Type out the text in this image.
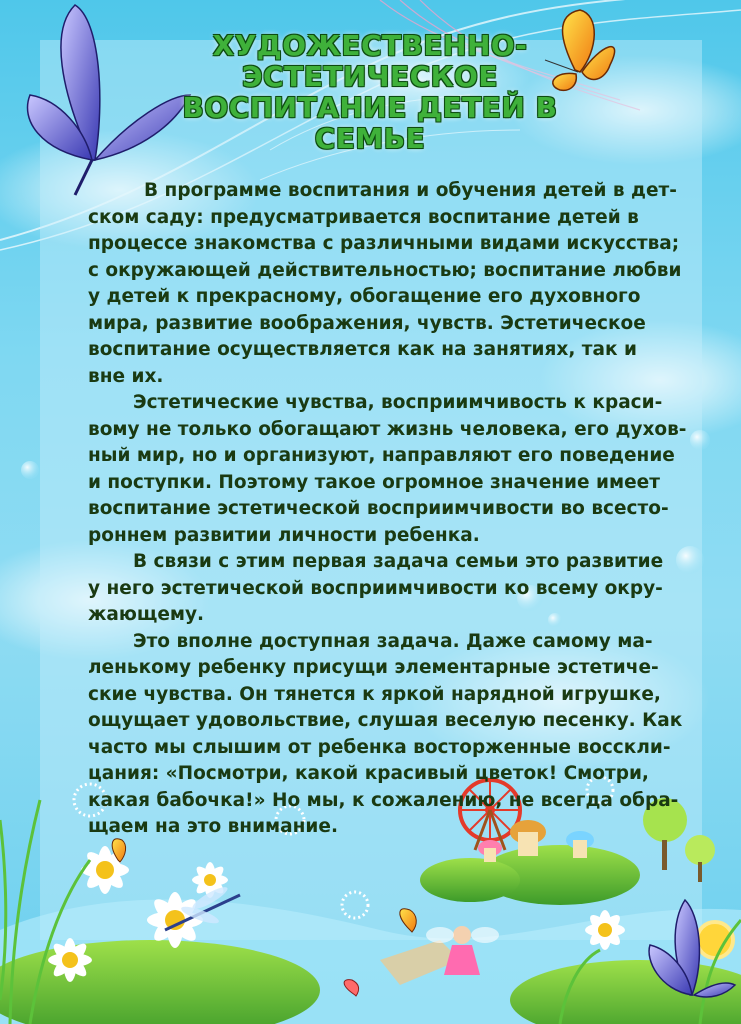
ХУДОЖЕСТВЕННО-
ЭСТЕТИЧЕСКОЕ
ВОСПИТАНИЕ ДЕТЕЙ В
СЕМЬЕ
В программе воспитания и обучения детей в дет-
ском саду: предусматривается воспитание детей в
процессе знакомства с различными видами искусства;
с окружающей действительностью; воспитание любви
у детей к прекрасному, обогащение его духовного
мира, развитие воображения, чувств. Эстетическое
воспитание осуществляется как на занятиях, так и
вне их.
Эстетические чувства, восприимчивость к краси-
вому не только обогащают жизнь человека, его духов-
ный мир, но и организуют, направляют его поведение
и поступки. Поэтому такое огромное значение имеет
воспитание эстетической восприимчивости во всесто-
роннем развитии личности ребенка.
В связи с этим первая задача семьи это развитие
у него эстетической восприимчивости ко всему окру-
жающему.
Это вполне доступная задача. Даже самому ма-
ленькому ребенку присущи элементарные эстетиче-
ские чувства. Он тянется к яркой нарядной игрушке,
ощущает удовольствие, слушая веселую песенку. Как
часто мы слышим от ребенка восторженные восскли-
цания: «Посмотри, какой красивый цветок! Смотри,
какая бабочка!» Но мы, к сожалению, не всегда обра-
щаем на это внимание.
